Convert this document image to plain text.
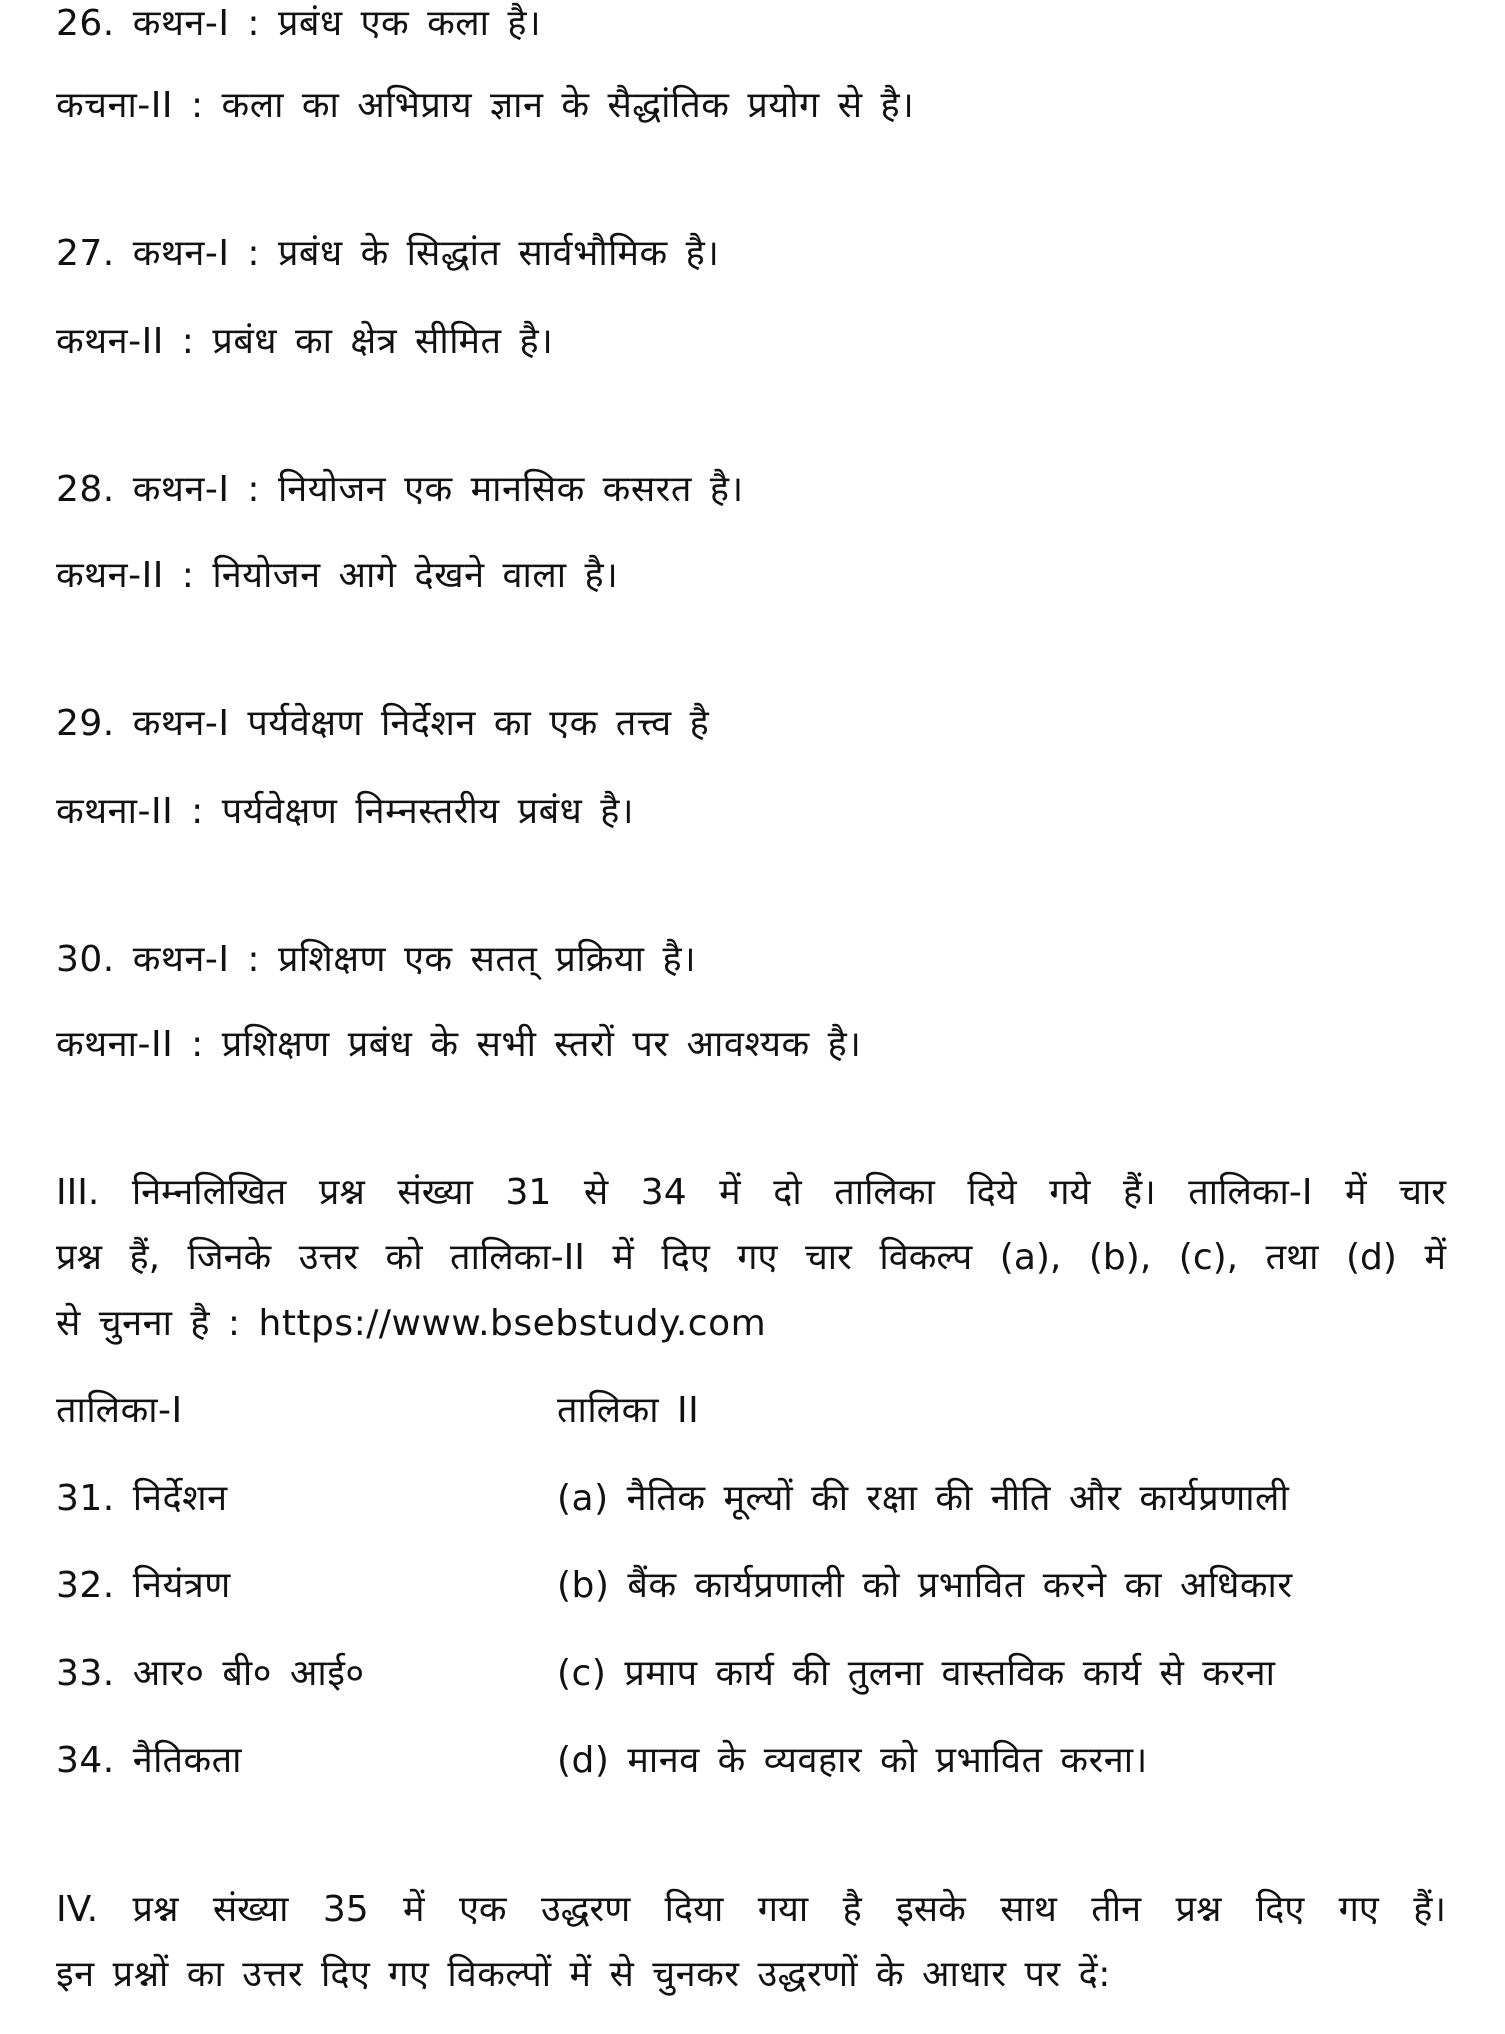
26. कथन-I : प्रबंध एक कला है।
कचना-II : कला का अभिप्राय ज्ञान के सैद्धांतिक प्रयोग से है।
27. कथन-I : प्रबंध के सिद्धांत सार्वभौमिक है।
कथन-II : प्रबंध का क्षेत्र सीमित है।
28. कथन-I : नियोजन एक मानसिक कसरत है।
कथन-II : नियोजन आगे देखने वाला है।
29. कथन-I पर्यवेक्षण निर्देशन का एक तत्त्व है
कथना-II : पर्यवेक्षण निम्नस्तरीय प्रबंध है।
30. कथन-I : प्रशिक्षण एक सतत् प्रक्रिया है।
कथना-II : प्रशिक्षण प्रबंध के सभी स्तरों पर आवश्यक है।
III. निम्नलिखित प्रश्न संख्या 31 से 34 में दो तालिका दिये गये हैं। तालिका-I में चार
प्रश्न हैं, जिनके उत्तर को तालिका-II में दिए गए चार विकल्प (a), (b), (c), तथा (d) में
से चुनना है : https://www.bsebstudy.com
तालिका-I	तालिका II
31. निर्देशन	(a) नैतिक मूल्यों की रक्षा की नीति और कार्यप्रणाली
32. नियंत्रण	(b) बैंक कार्यप्रणाली को प्रभावित करने का अधिकार
33. आर० बी० आई०	(c) प्रमाप कार्य की तुलना वास्तविक कार्य से करना
34. नैतिकता	(d) मानव के व्यवहार को प्रभावित करना।
IV. प्रश्न संख्या 35 में एक उद्धरण दिया गया है इसके साथ तीन प्रश्न दिए गए हैं।
इन प्रश्नों का उत्तर दिए गए विकल्पों में से चुनकर उद्धरणों के आधार पर दें:
